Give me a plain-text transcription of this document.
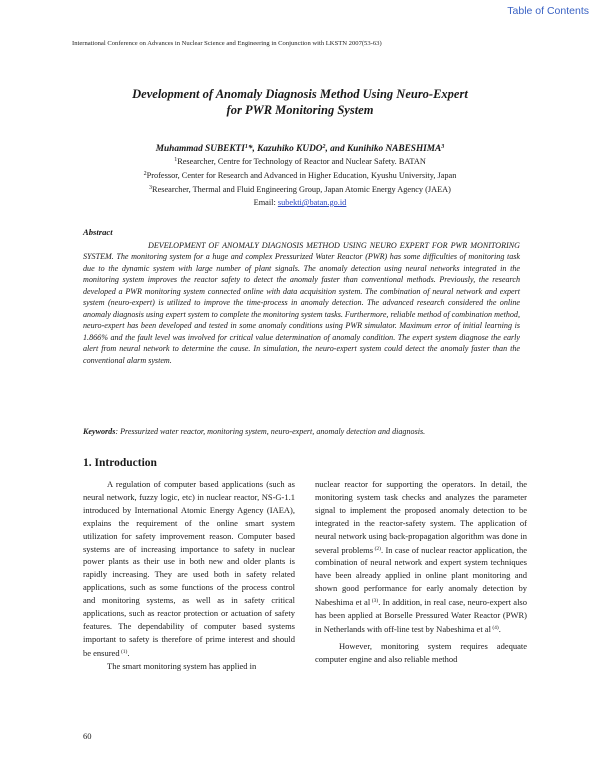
Table of Contents
International Conference on Advances in Nuclear Science and Engineering in Conjunction with LKSTN 2007(53-63)
Development of Anomaly Diagnosis Method Using Neuro-Expert
for PWR Monitoring System
Muhammad SUBEKTI$^1$*, Kazuhiko KUDO$^2$, and Kunihiko NABESHIMA$^3$
$^1$Researcher, Centre for Technology of Reactor and Nuclear Safety. BATAN
$^2$Professor, Center for Research and Advanced in Higher Education, Kyushu University, Japan
$^3$Researcher, Thermal and Fluid Engineering Group, Japan Atomic Energy Agency (JAEA)
Email: subekti@batan.go.id
Abstract

DEVELOPMENT OF ANOMALY DIAGNOSIS METHOD USING NEURO EXPERT FOR PWR MONITORING SYSTEM. The monitoring system for a huge and complex Pressurized Water Reactor (PWR) has some difficulties of monitoring task due to the dynamic system with large number of plant signals. The anomaly detection using neural networks integrated in the monitoring system improves the reactor safety to detect the anomaly faster than conventional methods. Previously, the research developed a PWR monitoring system connected online with data acquisition system. The combination of neural network and expert system (neuro-expert) is utilized to improve the time-process in anomaly detection. The advanced research considered the online anomaly diagnosis using expert system to complete the monitoring system tasks. Furthermore, reliable method of combination method, neuro-expert has been developed and tested in some anomaly conditions using PWR simulator. Maximum error of initial learning is 1.866% and the fault level was involved for critical value determination of anomaly condition. The expert system diagnose the early alert from neural network to determine the cause. In simulation, the neuro-expert system could detect the anomaly faster than the conventional alarm system.

Keywords: Pressurized water reactor, monitoring system, neuro-expert, anomaly detection and diagnosis.
1. Introduction

A regulation of computer based applications (such as neural network, fuzzy logic, etc) in nuclear reactor, NS-G-1.1 introduced by International Atomic Energy Agency (IAEA), explains the requirement of the online smart system utilization for safety improvement reason. Computer based systems are of increasing importance to safety in nuclear power plants as their use in both new and older plants is rapidly increasing. They are used both in safety related applications, such as some functions of the process control and monitoring systems, as well as in safety critical applications, such as reactor protection or actuation of safety features. The dependability of computer based systems important to safety is therefore of prime interest and should be ensured $^{(1)}$.

The smart monitoring system has applied in

nuclear reactor for supporting the operators. In detail, the monitoring system task checks and analyzes the parameter signal to implement the proposed anomaly detection to be integrated in the reactor-safety system. The application of neural network using back-propagation algorithm was done in several problems $^{(2)}$. In case of nuclear reactor application, the combination of neural network and expert system techniques have been already applied in online plant monitoring and shown good performance for early anomaly detection by Nabeshima et al $^{(3)}$. In addition, in real case, neuro-expert also has been applied at Borselle Pressured Water Reactor (PWR) in Netherlands with off-line test by Nabeshima et al $^{(4)}$.

However, monitoring system requires adequate computer engine and also reliable method

60
